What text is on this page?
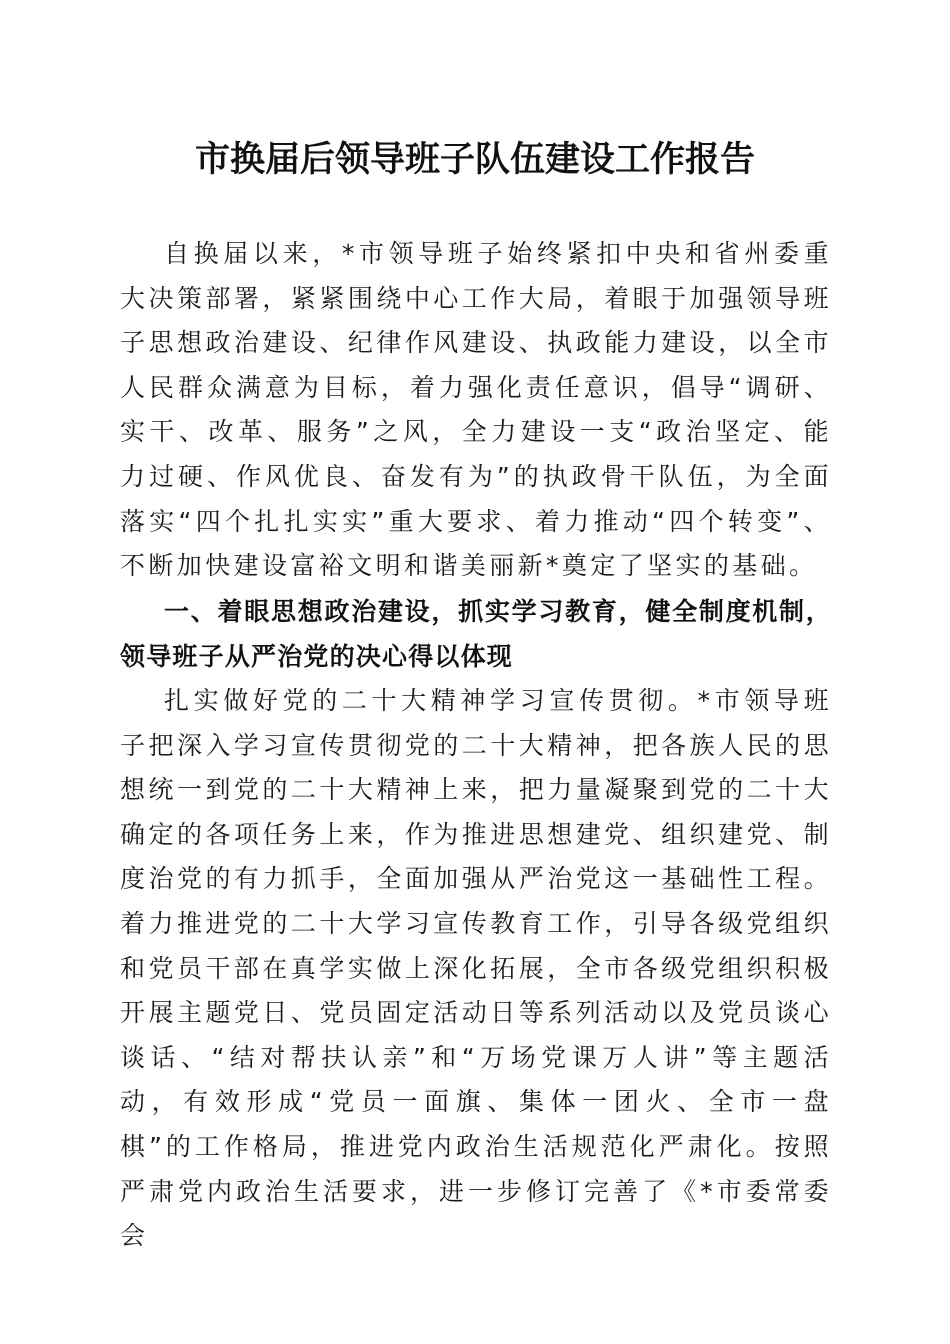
市换届后领导班子队伍建设工作报告

自换届以来，*市领导班子始终紧扣中央和省州委重大决策部署，紧紧围绕中心工作大局，着眼于加强领导班子思想政治建设、纪律作风建设、执政能力建设，以全市人民群众满意为目标，着力强化责任意识，倡导“调研、实干、改革、服务”之风，全力建设一支“政治坚定、能力过硬、作风优良、奋发有为”的执政骨干队伍，为全面落实“四个扎扎实实”重大要求、着力推动“四个转变”、不断加快建设富裕文明和谐美丽新*奠定了坚实的基础。

一、着眼思想政治建设，抓实学习教育，健全制度机制，领导班子从严治党的决心得以体现

扎实做好党的二十大精神学习宣传贯彻。*市领导班子把深入学习宣传贯彻党的二十大精神，把各族人民的思想统一到党的二十大精神上来，把力量凝聚到党的二十大确定的各项任务上来，作为推进思想建党、组织建党、制度治党的有力抓手，全面加强从严治党这一基础性工程。着力推进党的二十大学习宣传教育工作，引导各级党组织和党员干部在真学实做上深化拓展，全市各级党组织积极开展主题党日、党员固定活动日等系列活动以及党员谈心谈话、“结对帮扶认亲”和“万场党课万人讲”等主题活动，有效形成“党员一面旗、集体一团火、全市一盘棋”的工作格局，推进党内政治生活规范化严肃化。按照严肃党内政治生活要求，进一步修订完善了《*市委常委会
